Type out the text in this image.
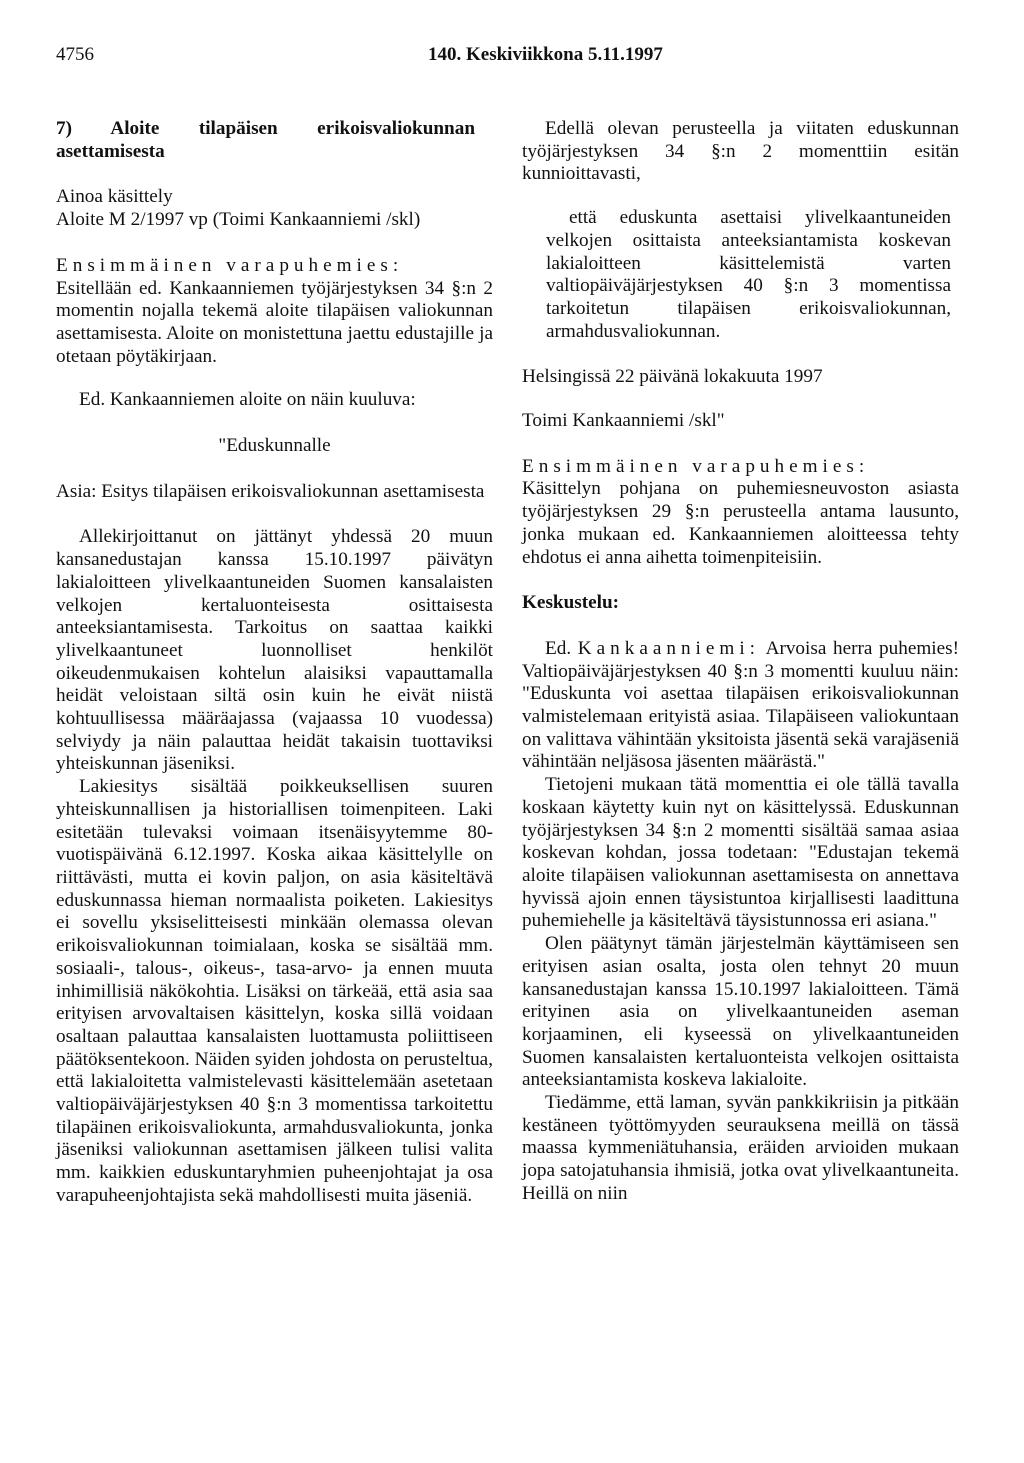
4756	140. Keskiviikkona 5.11.1997

7) Aloite tilapäisen erikoisvaliokunnan asettamisesta

Ainoa käsittely

Aloite M 2/1997 vp (Toimi Kankaanniemi /skl)

Ensimmäinen varapuhemies:

Esitellään ed. Kankaanniemen työjärjestyksen 34 §:n 2 momentin nojalla tekemä aloite tilapäisen valiokunnan asettamisesta. Aloite on monistettuna jaettu edustajille ja otetaan pöytäkirjaan.

Ed. Kankaanniemen aloite on näin kuuluva:

"Eduskunnalle

Asia: Esitys tilapäisen erikoisvaliokunnan asettamisesta

Allekirjoittanut on jättänyt yhdessä 20 muun kansanedustajan kanssa 15.10.1997 päivätyn lakialoitteen ylivelkaantuneiden Suomen kansalaisten velkojen kertaluonteisesta osittaisesta anteeksiantamisesta. Tarkoitus on saattaa kaikki ylivelkaantuneet luonnolliset henkilöt oikeudenmukaisen kohtelun alaisiksi vapauttamalla heidät veloistaan siltä osin kuin he eivät niistä kohtuullisessa määräajassa (vajaassa 10 vuodessa) selviydy ja näin palauttaa heidät takaisin tuottaviksi yhteiskunnan jäseniksi.

Lakiesitys sisältää poikkeuksellisen suuren yhteiskunnallisen ja historiallisen toimenpiteen. Laki esitetään tulevaksi voimaan itsenäisyytemme 80-vuotispäivänä 6.12.1997. Koska aikaa käsittelylle on riittävästi, mutta ei kovin paljon, on asia käsiteltävä eduskunnassa hieman normaalista poiketen. Lakiesitys ei sovellu yksiselitteisesti minkään olemassa olevan erikoisvaliokunnan toimialaan, koska se sisältää mm. sosiaali-, talous-, oikeus-, tasa-arvo- ja ennen muuta inhimillisiä näkökohtia. Lisäksi on tärkeää, että asia saa erityisen arvovaltaisen käsittelyn, koska sillä voidaan osaltaan palauttaa kansalaisten luottamusta poliittiseen päätöksentekoon. Näiden syiden johdosta on perusteltua, että lakialoitetta valmistelevasti käsittelemään asetetaan valtiopäiväjärjestyksen 40 §:n 3 momentissa tarkoitettu tilapäinen erikoisvaliokunta, armahdusvaliokunta, jonka jäseniksi valiokunnan asettamisen jälkeen tulisi valita mm. kaikkien eduskuntaryhmien puheenjohtajat ja osa varapuheenjohtajista sekä mahdollisesti muita jäseniä.

Edellä olevan perusteella ja viitaten eduskunnan työjärjestyksen 34 §:n 2 momenttiin esitän kunnioittavasti,

että eduskunta asettaisi ylivelkaantuneiden velkojen osittaista anteeksiantamista koskevan lakialoitteen käsittelemistä varten valtiopäiväjärjestyksen 40 §:n 3 momentissa tarkoitetun tilapäisen erikoisvaliokunnan, armahdusvaliokunnan.

Helsingissä 22 päivänä lokakuuta 1997

Toimi Kankaanniemi /skl"

Ensimmäinen varapuhemies:

Käsittelyn pohjana on puhemiesneuvoston asiasta työjärjestyksen 29 §:n perusteella antama lausunto, jonka mukaan ed. Kankaanniemen aloitteessa tehty ehdotus ei anna aihetta toimenpiteisiin.

Keskustelu:

Ed. Kankaanniemi: Arvoisa herra puhemies! Valtiopäiväjärjestyksen 40 §:n 3 momentti kuuluu näin: "Eduskunta voi asettaa tilapäisen erikoisvaliokunnan valmistelemaan erityistä asiaa. Tilapäiseen valiokuntaan on valittava vähintään yksitoista jäsentä sekä varajäseniä vähintään neljäsosa jäsenten määrästä."

Tietojeni mukaan tätä momenttia ei ole tällä tavalla koskaan käytetty kuin nyt on käsittelyssä. Eduskunnan työjärjestyksen 34 §:n 2 momentti sisältää samaa asiaa koskevan kohdan, jossa todetaan: "Edustajan tekemä aloite tilapäisen valiokunnan asettamisesta on annettava hyvissä ajoin ennen täysistuntoa kirjallisesti laadittuna puhemiehelle ja käsiteltävä täysistunnossa eri asiana."

Olen päätynyt tämän järjestelmän käyttämiseen sen erityisen asian osalta, josta olen tehnyt 20 muun kansanedustajan kanssa 15.10.1997 lakialoitteen. Tämä erityinen asia on ylivelkaantuneiden aseman korjaaminen, eli kyseessä on ylivelkaantuneiden Suomen kansalaisten kertaluonteista velkojen osittaista anteeksiantamista koskeva lakialoite.

Tiedämme, että laman, syvän pankkikriisin ja pitkään kestäneen työttömyyden seurauksena meillä on tässä maassa kymmeniätuhansia, eräiden arvioiden mukaan jopa satojatuhansia ihmisiä, jotka ovat ylivelkaantuneita. Heillä on niin
